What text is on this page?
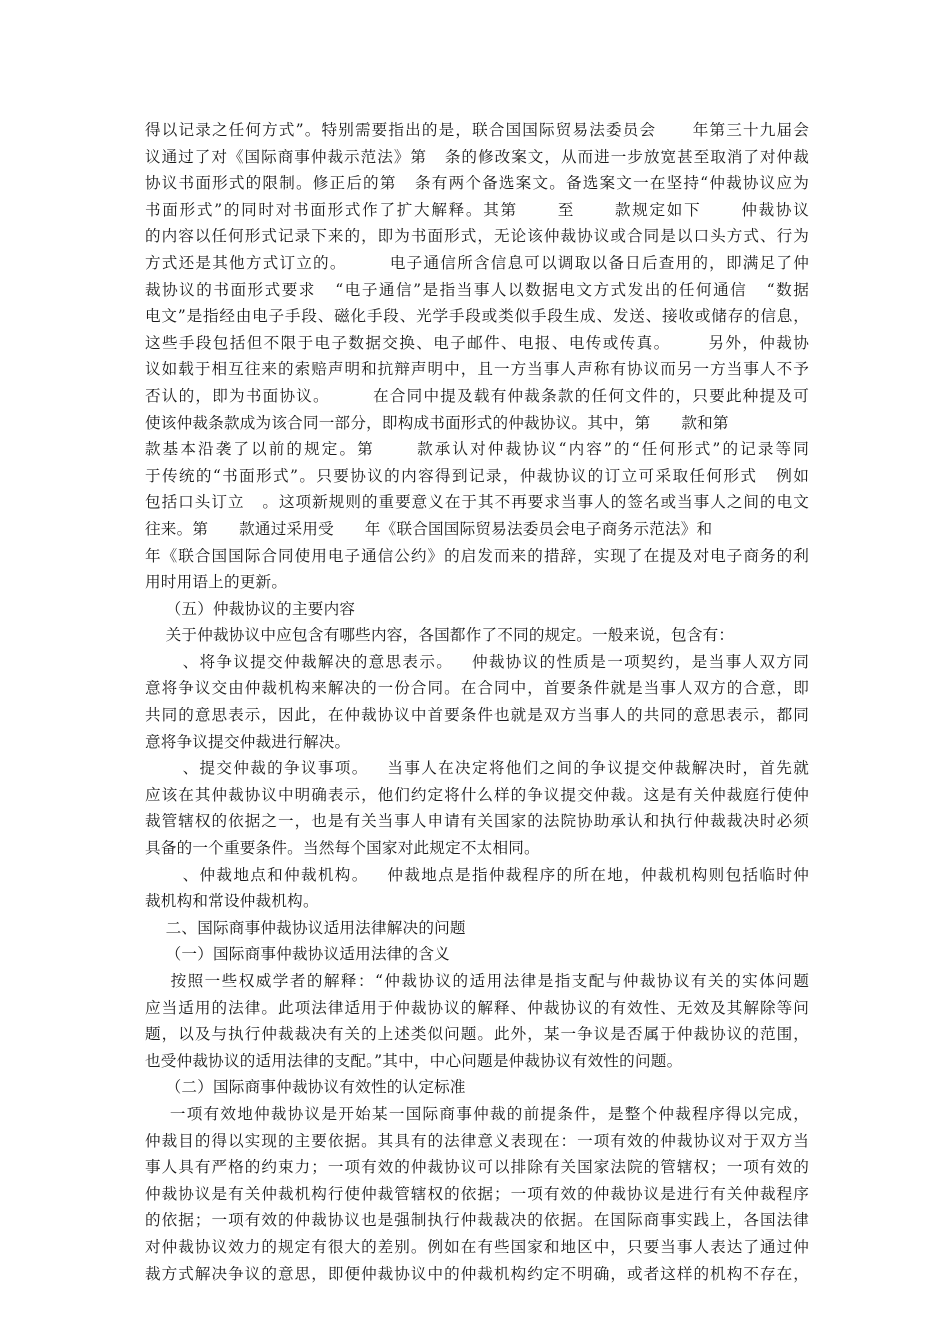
得以记录之任何方式”。特别需要指出的是，联合国国际贸易法委员会      年第三十九届会
议通过了对《国际商事仲裁示范法》第   条的修改案文，从而进一步放宽甚至取消了对仲裁
协议书面形式的限制。修正后的第   条有两个备选案文。备选案文一在坚持“仲裁协议应为
书面形式”的同时对书面形式作了扩大解释。其第      至      款规定如下      仲裁协议
的内容以任何形式记录下来的，即为书面形式，无论该仲裁协议或合同是以口头方式、行为
方式还是其他方式订立的。       电子通信所含信息可以调取以备日后查用的，即满足了仲
裁协议的书面形式要求   “电子通信”是指当事人以数据电文方式发出的任何通信   “数据
电文”是指经由电子手段、磁化手段、光学手段或类似手段生成、发送、接收或储存的信息，
这些手段包括但不限于电子数据交换、电子邮件、电报、电传或传真。      另外，仲裁协
议如载于相互往来的索赔声明和抗辩声明中，且一方当事人声称有协议而另一方当事人不予
否认的，即为书面协议。       在合同中提及载有仲裁条款的任何文件的，只要此种提及可
使该仲裁条款成为该合同一部分，即构成书面形式的仲裁协议。其中，第      款和第
款基本沿袭了以前的规定。第      款承认对仲裁协议“内容”的“任何形式”的记录等同
于传统的“书面形式”。只要协议的内容得到记录，仲裁协议的订立可采取任何形式   例如
包括口头订立   。这项新规则的重要意义在于其不再要求当事人的签名或当事人之间的电文
往来。第      款通过采用受      年《联合国国际贸易法委员会电子商务示范法》和
年《联合国国际合同使用电子通信公约》的启发而来的措辞，实现了在提及对电子商务的利
用时用语上的更新。
（五）仲裁协议的主要内容
关于仲裁协议中应包含有哪些内容，各国都作了不同的规定。一般来说，包含有：
、将争议提交仲裁解决的意思表示。   仲裁协议的性质是一项契约，是当事人双方同
意将争议交由仲裁机构来解决的一份合同。在合同中，首要条件就是当事人双方的合意，即
共同的意思表示，因此，在仲裁协议中首要条件也就是双方当事人的共同的意思表示，都同
意将争议提交仲裁进行解决。
、提交仲裁的争议事项。   当事人在决定将他们之间的争议提交仲裁解决时，首先就
应该在其仲裁协议中明确表示，他们约定将什么样的争议提交仲裁。这是有关仲裁庭行使仲
裁管辖权的依据之一，也是有关当事人申请有关国家的法院协助承认和执行仲裁裁决时必须
具备的一个重要条件。当然每个国家对此规定不太相同。
、仲裁地点和仲裁机构。   仲裁地点是指仲裁程序的所在地，仲裁机构则包括临时仲
裁机构和常设仲裁机构。
二、国际商事仲裁协议适用法律解决的问题
（一）国际商事仲裁协议适用法律的含义
按照一些权威学者的解释：“仲裁协议的适用法律是指支配与仲裁协议有关的实体问题
应当适用的法律。此项法律适用于仲裁协议的解释、仲裁协议的有效性、无效及其解除等问
题，以及与执行仲裁裁决有关的上述类似问题。此外，某一争议是否属于仲裁协议的范围，
也受仲裁协议的适用法律的支配。”其中，中心问题是仲裁协议有效性的问题。
（二）国际商事仲裁协议有效性的认定标准
一项有效地仲裁协议是开始某一国际商事仲裁的前提条件，是整个仲裁程序得以完成，
仲裁目的得以实现的主要依据。其具有的法律意义表现在：一项有效的仲裁协议对于双方当
事人具有严格的约束力；一项有效的仲裁协议可以排除有关国家法院的管辖权；一项有效的
仲裁协议是有关仲裁机构行使仲裁管辖权的依据；一项有效的仲裁协议是进行有关仲裁程序
的依据；一项有效的仲裁协议也是强制执行仲裁裁决的依据。在国际商事实践上，各国法律
对仲裁协议效力的规定有很大的差别。例如在有些国家和地区中，只要当事人表达了通过仲
裁方式解决争议的意思，即便仲裁协议中的仲裁机构约定不明确，或者这样的机构不存在，
